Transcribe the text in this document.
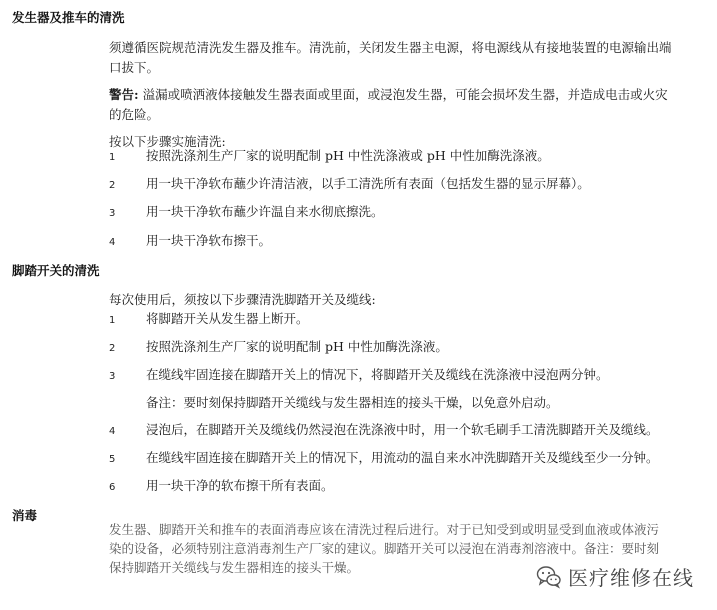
发生器及推车的清洗
须遵循医院规范清洗发生器及推车。清洗前，关闭发生器主电源，将电源线从有接地装置的电源输出端
口拔下。
警告: 溢漏或喷洒液体接触发生器表面或里面，或浸泡发生器，可能会损坏发生器，并造成电击或火灾
的危险。
按以下步骤实施清洗:
1 按照洗涤剂生产厂家的说明配制 pH 中性洗涤液或 pH 中性加酶洗涤液。
2 用一块干净软布蘸少许清洁液，以手工清洗所有表面（包括发生器的显示屏幕）。
3 用一块干净软布蘸少许温自来水彻底擦洗。
4 用一块干净软布擦干。
脚踏开关的清洗
每次使用后，须按以下步骤清洗脚踏开关及缆线:
1 将脚踏开关从发生器上断开。
2 按照洗涤剂生产厂家的说明配制 pH 中性加酶洗涤液。
3 在缆线牢固连接在脚踏开关上的情况下，将脚踏开关及缆线在洗涤液中浸泡两分钟。
备注：要时刻保持脚踏开关缆线与发生器相连的接头干燥，以免意外启动。
4 浸泡后，在脚踏开关及缆线仍然浸泡在洗涤液中时，用一个软毛刷手工清洗脚踏开关及缆线。
5 在缆线牢固连接在脚踏开关上的情况下，用流动的温自来水冲洗脚踏开关及缆线至少一分钟。
6 用一块干净的软布擦干所有表面。
消毒
发生器、脚踏开关和推车的表面消毒应该在清洗过程后进行。对于已知受到或明显受到血液或体液污
染的设备，必须特别注意消毒剂生产厂家的建议。脚踏开关可以浸泡在消毒剂溶液中。备注：要时刻
保持脚踏开关缆线与发生器相连的接头干燥。	医疗维修在线
